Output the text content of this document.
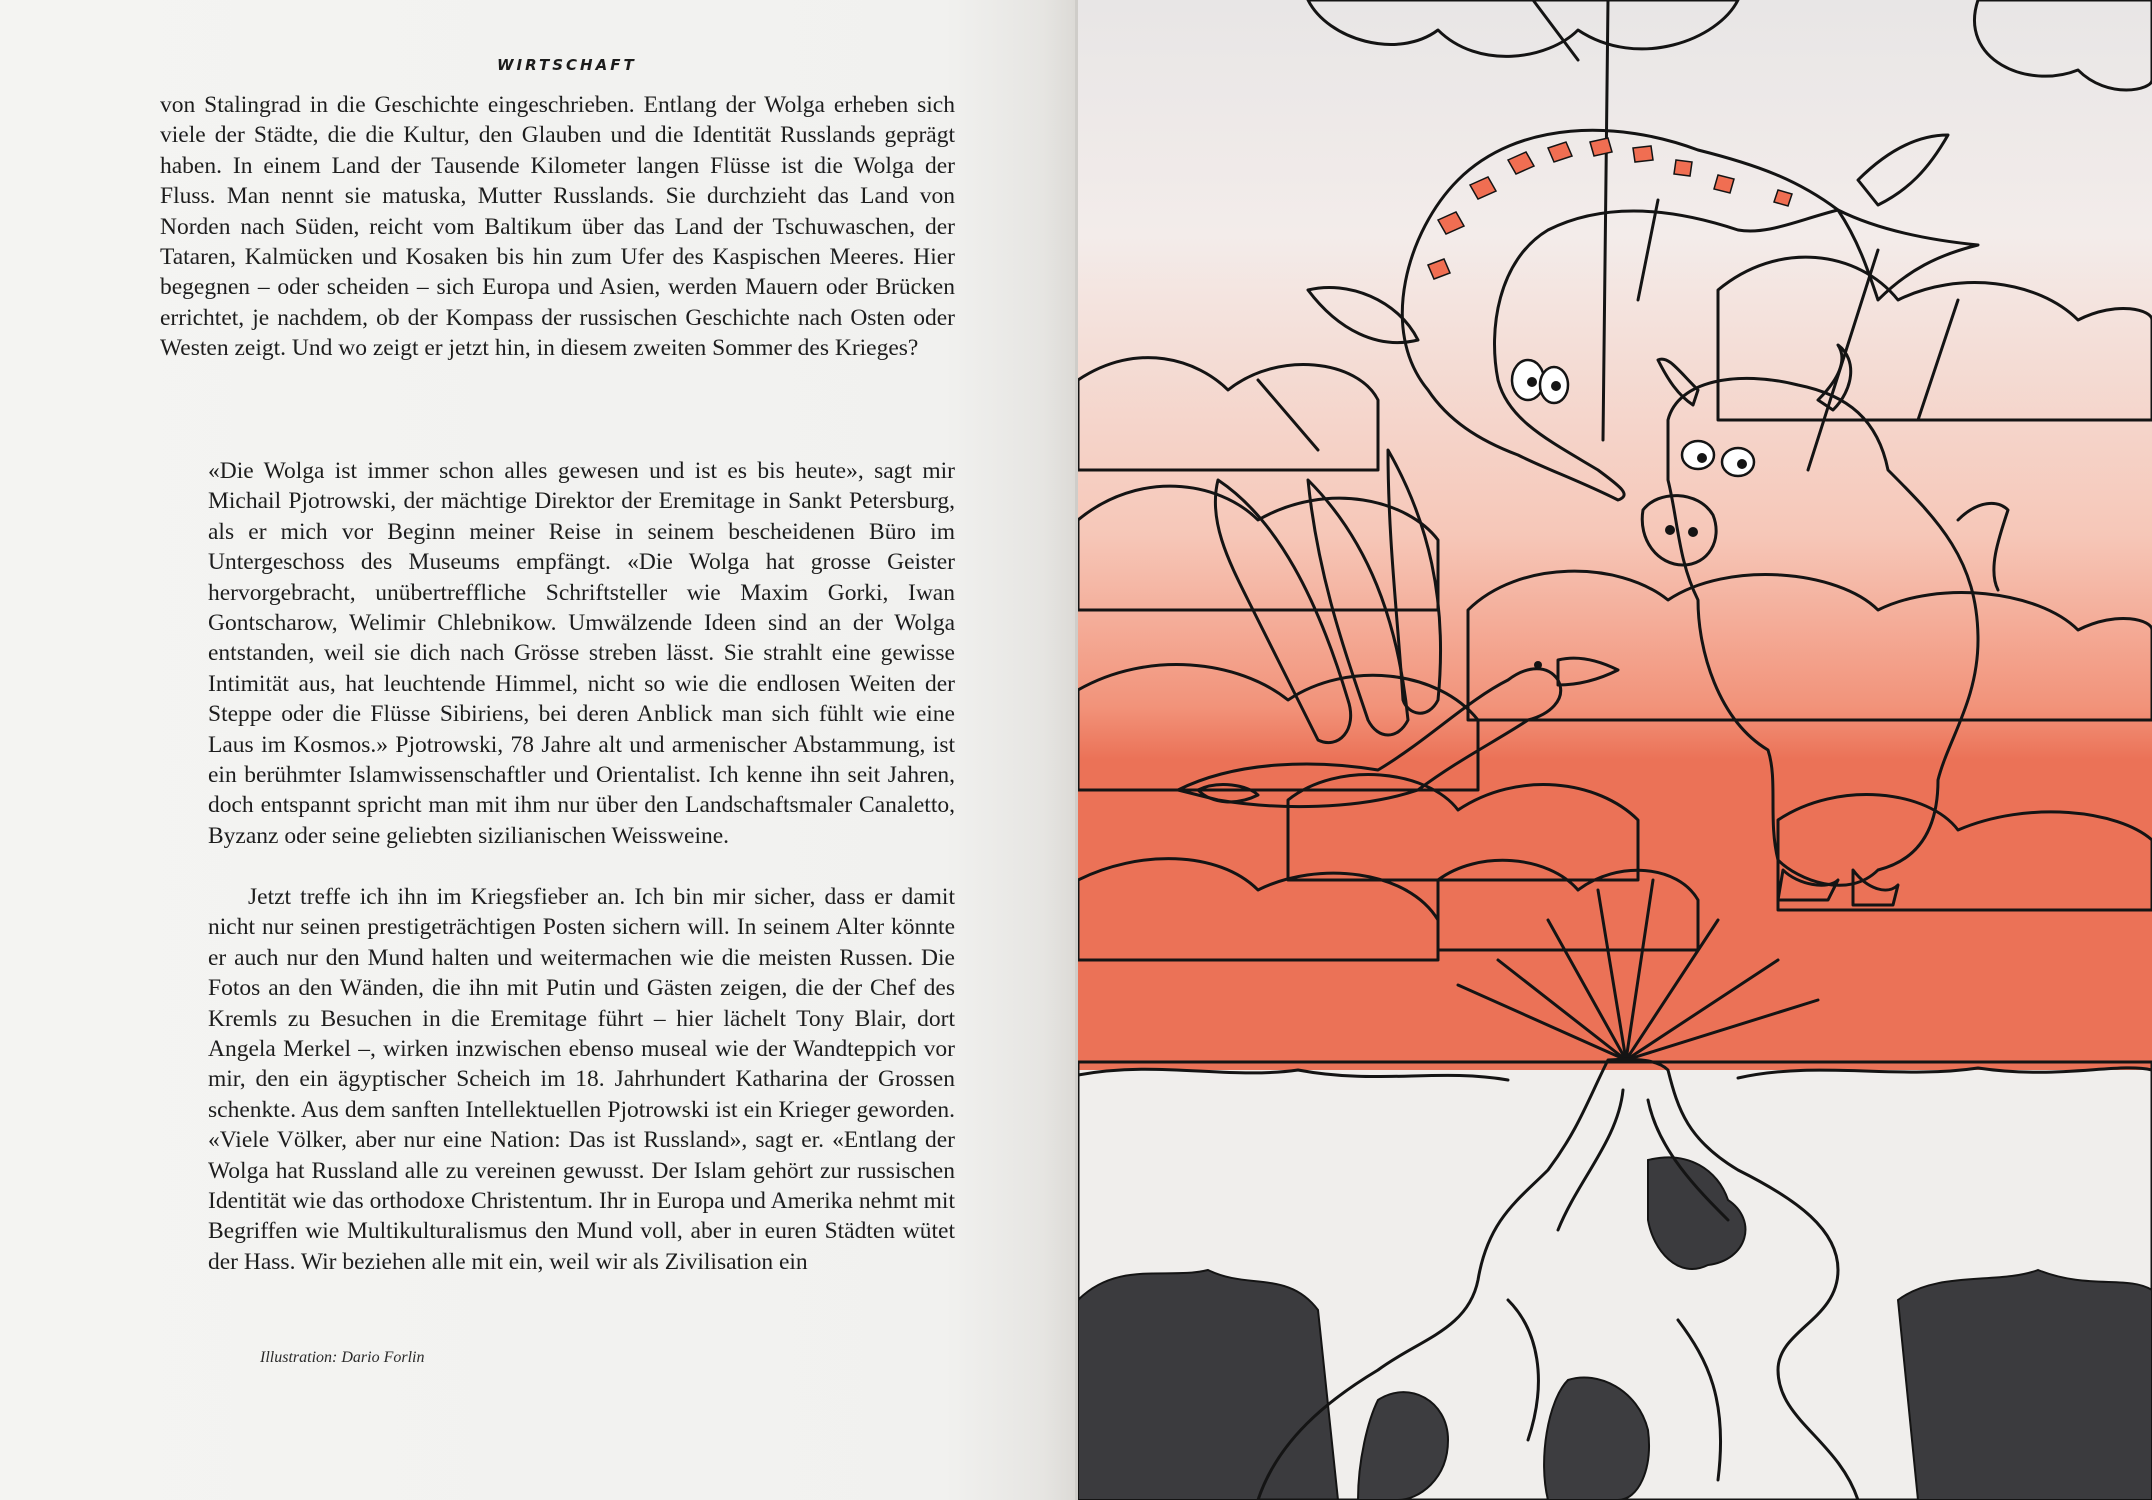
WIRTSCHAFT

von Stalingrad in die Geschichte eingeschrieben. Entlang der Wolga erheben sich viele der Städte, die die Kultur, den Glauben und die Identität Russlands geprägt haben. In einem Land der Tausende Kilometer langen Flüsse ist die Wolga der Fluss. Man nennt sie matuska, Mutter Russlands. Sie durchzieht das Land von Norden nach Süden, reicht vom Baltikum über das Land der Tschuwaschen, der Tataren, Kalmücken und Kosaken bis hin zum Ufer des Kaspischen Meeres. Hier begegnen – oder scheiden – sich Europa und Asien, werden Mauern oder Brücken errichtet, je nachdem, ob der Kompass der russischen Geschichte nach Osten oder Westen zeigt. Und wo zeigt er jetzt hin, in diesem zweiten Sommer des Krieges?

«Die Wolga ist immer schon alles gewesen und ist es bis heute», sagt mir Michail Pjotrowski, der mächtige Direktor der Eremitage in Sankt Petersburg, als er mich vor Beginn meiner Reise in seinem bescheidenen Büro im Untergeschoss des Museums empfängt. «Die Wolga hat grosse Geister hervorgebracht, unübertreffliche Schriftsteller wie Maxim Gorki, Iwan Gontscharow, Welimir Chlebnikow. Umwälzende Ideen sind an der Wolga entstanden, weil sie dich nach Grösse streben lässt. Sie strahlt eine gewisse Intimität aus, hat leuchtende Himmel, nicht so wie die endlosen Weiten der Steppe oder die Flüsse Sibiriens, bei deren Anblick man sich fühlt wie eine Laus im Kosmos.» Pjotrowski, 78 Jahre alt und armenischer Abstammung, ist ein berühmter Islamwissenschaftler und Orientalist. Ich kenne ihn seit Jahren, doch entspannt spricht man mit ihm nur über den Landschaftsmaler Canaletto, Byzanz oder seine geliebten sizilianischen Weissweine.

Jetzt treffe ich ihn im Kriegsfieber an. Ich bin mir sicher, dass er damit nicht nur seinen prestigeträchtigen Posten sichern will. In seinem Alter könnte er auch nur den Mund halten und weitermachen wie die meisten Russen. Die Fotos an den Wänden, die ihn mit Putin und Gästen zeigen, die der Chef des Kremls zu Besuchen in die Eremitage führt – hier lächelt Tony Blair, dort Angela Merkel –, wirken inzwischen ebenso museal wie der Wandteppich vor mir, den ein ägyptischer Scheich im 18. Jahrhundert Katharina der Grossen schenkte. Aus dem sanften Intellektuellen Pjotrowski ist ein Krieger geworden. «Viele Völker, aber nur eine Nation: Das ist Russland», sagt er. «Entlang der Wolga hat Russland alle zu vereinen gewusst. Der Islam gehört zur russischen Identität wie das orthodoxe Christentum. Ihr in Europa und Amerika nehmt mit Begriffen wie Multikulturalismus den Mund voll, aber in euren Städten wütet der Hass. Wir beziehen alle mit ein, weil wir als Zivilisation ein

Illustration: Dario Forlin
